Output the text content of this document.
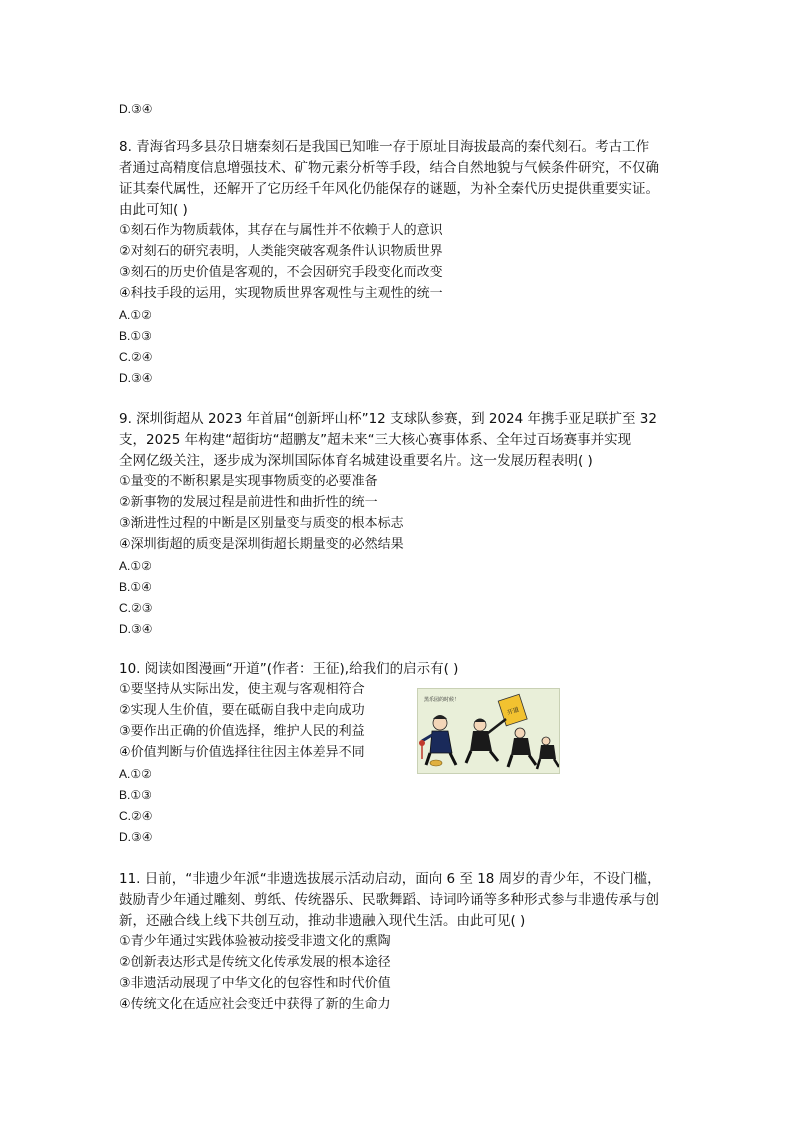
D.③④
8. 青海省玛多县尕日塘秦刻石是我国已知唯一存于原址目海拔最高的秦代刻石。考古工作
者通过高精度信息增强技术、矿物元素分析等手段，结合自然地貌与气候条件研究，不仅确
证其秦代属性，还解开了它历经千年风化仍能保存的谜题，为补全秦代历史提供重要实证。
由此可知( )
①刻石作为物质载体，其存在与属性并不依赖于人的意识
②对刻石的研究表明，人类能突破客观条件认识物质世界
③刻石的历史价值是客观的，不会因研究手段变化而改变
④科技手段的运用，实现物质世界客观性与主观性的统一
A.①②
B.①③
C.②④
D.③④
9. 深圳街超从 2023 年首届“创新坪山杯”12 支球队参赛，到 2024 年携手亚足联扩至 32
支，2025 年构建“超街坊“超鹏友”超未来“三大核心赛事体系、全年过百场赛事并实现
全网亿级关注，逐步成为深圳国际体育名城建设重要名片。这一发展历程表明( )
①量变的不断积累是实现事物质变的必要准备
②新事物的发展过程是前进性和曲折性的统一
③渐进性过程的中断是区别量变与质变的根本标志
④深圳街超的质变是深圳街超长期量变的必然结果
A.①②
B.①④
C.②③
D.③④
10. 阅读如图漫画“开道”(作者：王征),给我们的启示有( )
①要坚持从实际出发，使主观与客观相符合
②实现人生价值，要在砥砺自我中走向成功
③要作出正确的价值选择，维护人民的利益
④价值判断与价值选择往往因主体差异不同
A.①②
B.①③
C.②④
D.③④
黑乐园的时候！
开道
11. 日前，“非遗少年派“非遗选拔展示活动启动，面向 6 至 18 周岁的青少年，不设门槛，
鼓励青少年通过雕刻、剪纸、传统器乐、民歌舞蹈、诗词吟诵等多种形式参与非遗传承与创
新，还融合线上线下共创互动，推动非遗融入现代生活。由此可见( )
①青少年通过实践体验被动接受非遗文化的熏陶
②创新表达形式是传统文化传承发展的根本途径
③非遗活动展现了中华文化的包容性和时代价值
④传统文化在适应社会变迁中获得了新的生命力
